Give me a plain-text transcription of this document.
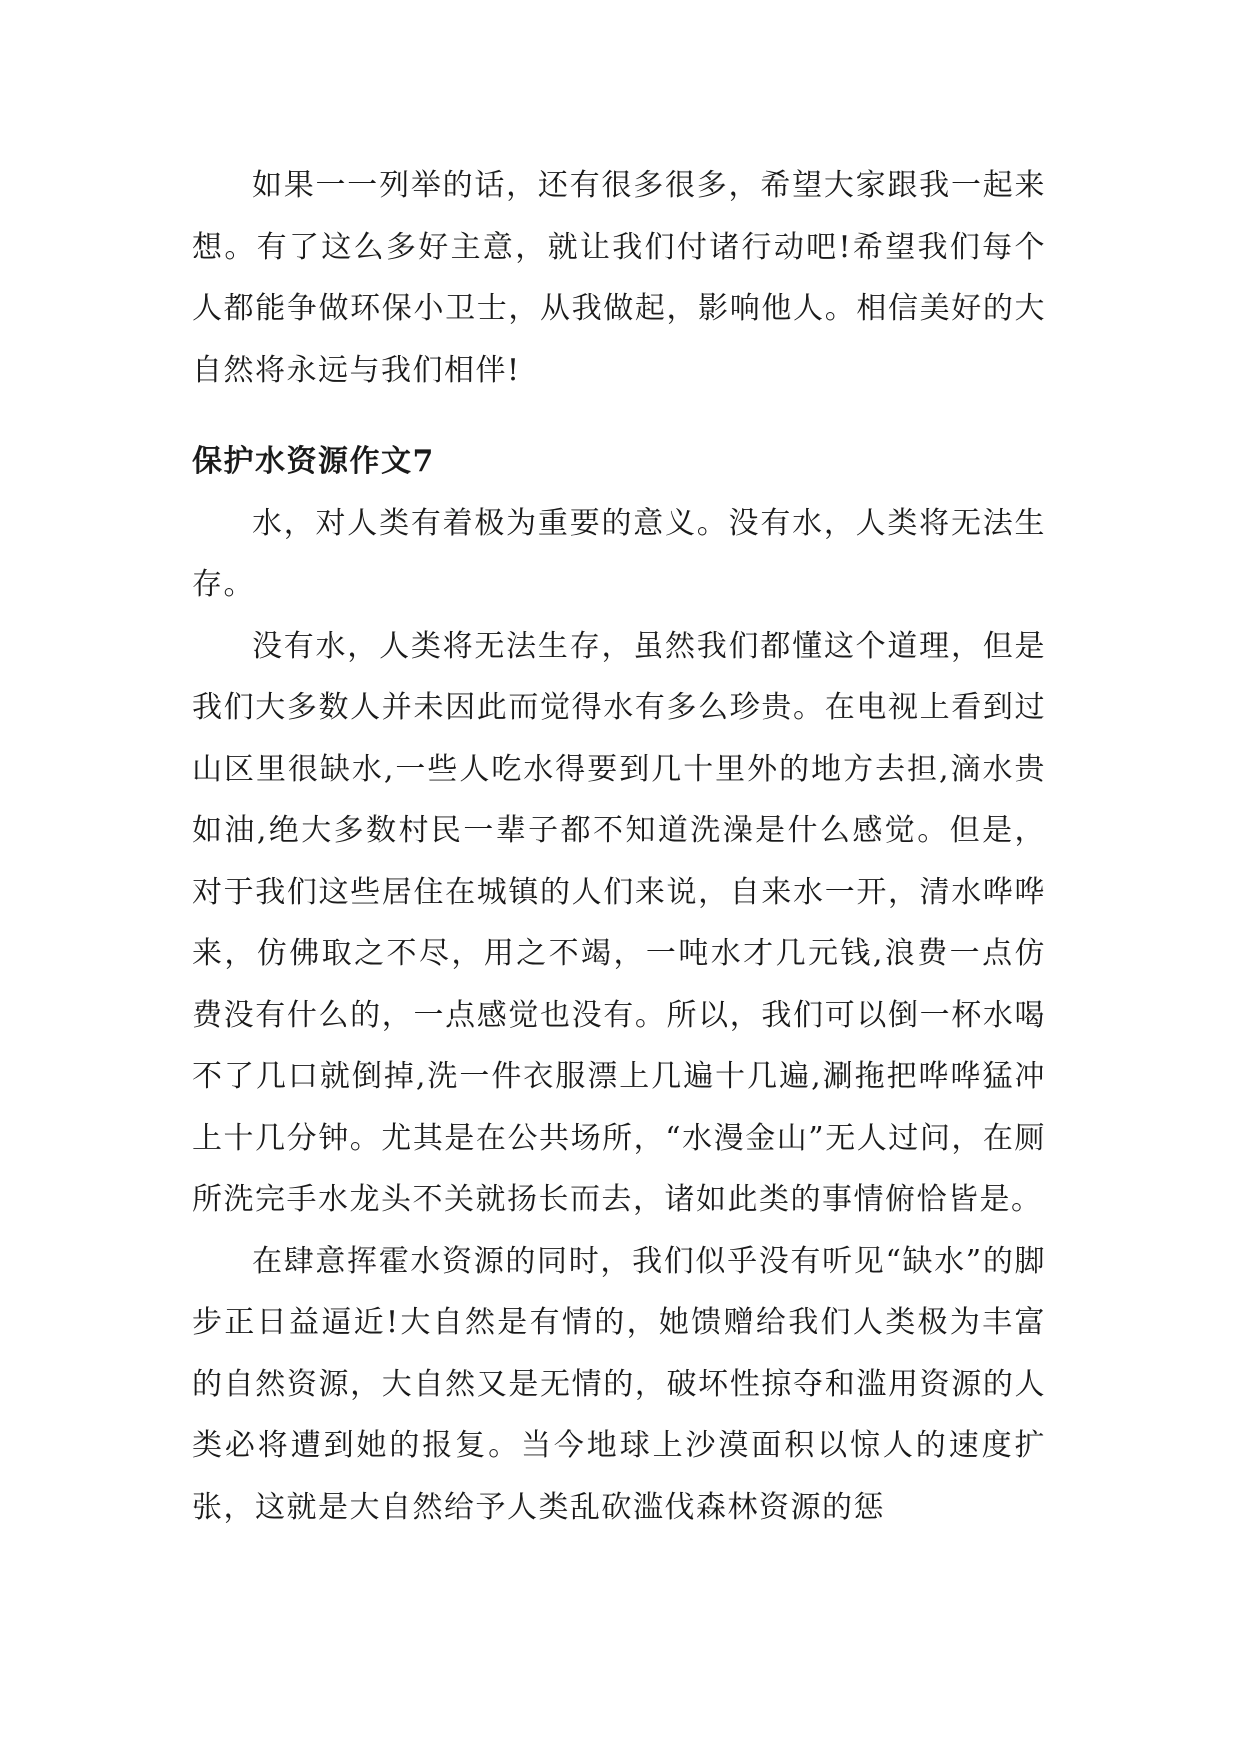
如果一一列举的话，还有很多很多，希望大家跟我一起来想。有了这么多好主意，就让我们付诸行动吧!希望我们每个人都能争做环保小卫士，从我做起，影响他人。相信美好的大自然将永远与我们相伴!

保护水资源作文7

水，对人类有着极为重要的意义。没有水，人类将无法生存。

没有水，人类将无法生存，虽然我们都懂这个道理，但是我们大多数人并未因此而觉得水有多么珍贵。在电视上看到过山区里很缺水,一些人吃水得要到几十里外的地方去担,滴水贵如油,绝大多数村民一辈子都不知道洗澡是什么感觉。但是，对于我们这些居住在城镇的人们来说，自来水一开，清水哗哗来，仿佛取之不尽，用之不竭，一吨水才几元钱,浪费一点仿费没有什么的，一点感觉也没有。所以，我们可以倒一杯水喝不了几口就倒掉,洗一件衣服漂上几遍十几遍,涮拖把哗哗猛冲上十几分钟。尤其是在公共场所，“水漫金山”无人过问，在厕所洗完手水龙头不关就扬长而去，诸如此类的事情俯恰皆是。

在肆意挥霍水资源的同时，我们似乎没有听见“缺水”的脚步正日益逼近!大自然是有情的，她馈赠给我们人类极为丰富的自然资源，大自然又是无情的，破坏性掠夺和滥用资源的人类必将遭到她的报复。当今地球上沙漠面积以惊人的速度扩张，这就是大自然给予人类乱砍滥伐森林资源的惩
